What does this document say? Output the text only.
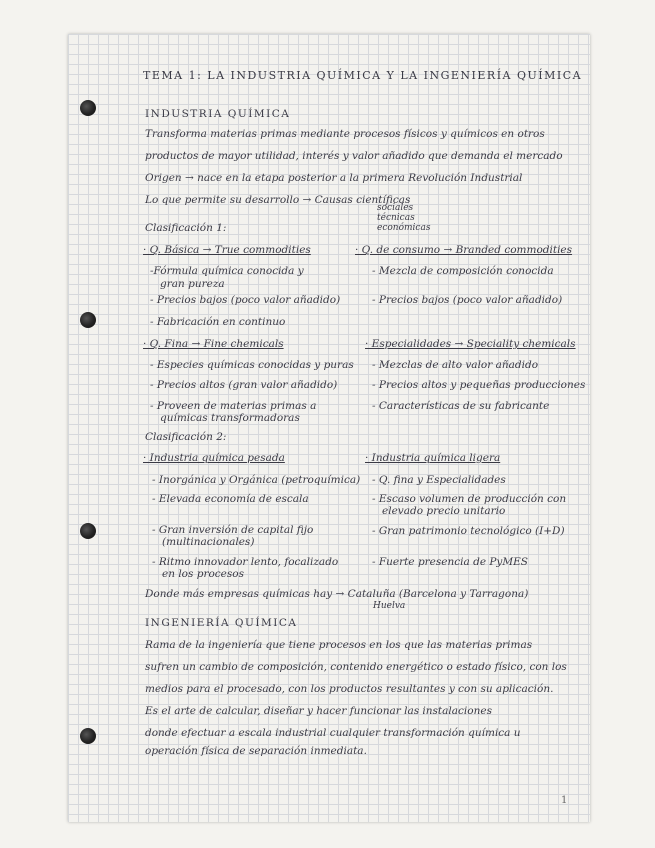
TEMA 1: LA INDUSTRIA QUÍMICA Y LA INGENIERÍA QUÍMICA
INDUSTRIA QUÍMICA
Transforma materias primas mediante procesos físicos y químicos en otros
productos de mayor utilidad, interés y valor añadido que demanda el mercado
Origen → nace en la etapa posterior a la primera Revolución Industrial
Lo que permite su desarrollo → Causas científicas
sociales
técnicas
económicas
Clasificación 1:
· Q. Básica → True commodities
-Fórmula química conocida y
gran pureza
- Precios bajos (poco valor añadido)
- Fabricación en continuo
· Q. de consumo → Branded commodities
- Mezcla de composición conocida
- Precios bajos (poco valor añadido)
· Q. Fina → Fine chemicals
- Especies químicas conocidas y puras
- Precios altos (gran valor añadido)
- Proveen de materias primas a
químicas transformadoras
· Especialidades → Speciality chemicals
- Mezclas de alto valor añadido
- Precios altos y pequeñas producciones
- Características de su fabricante
Clasificación 2:
· Industria química pesada
- Inorgánica y Orgánica (petroquímica)
- Elevada economía de escala
- Gran inversión de capital fijo
(multinacionales)
- Ritmo innovador lento, focalizado
en los procesos
· Industria química ligera
- Q. fina y Especialidades
- Escaso volumen de producción con
elevado precio unitario
- Gran patrimonio tecnológico (I+D)
- Fuerte presencia de PyMES
Donde más empresas químicas hay → Cataluña (Barcelona y Tarragona)
Huelva
INGENIERÍA QUÍMICA
Rama de la ingeniería que tiene procesos en los que las materias primas
sufren un cambio de composición, contenido energético o estado físico, con los
medios para el procesado, con los productos resultantes y con su aplicación.
Es el arte de calcular, diseñar y hacer funcionar las instalaciones
donde efectuar a escala industrial cualquier transformación química u
operación física de separación inmediata.
1
